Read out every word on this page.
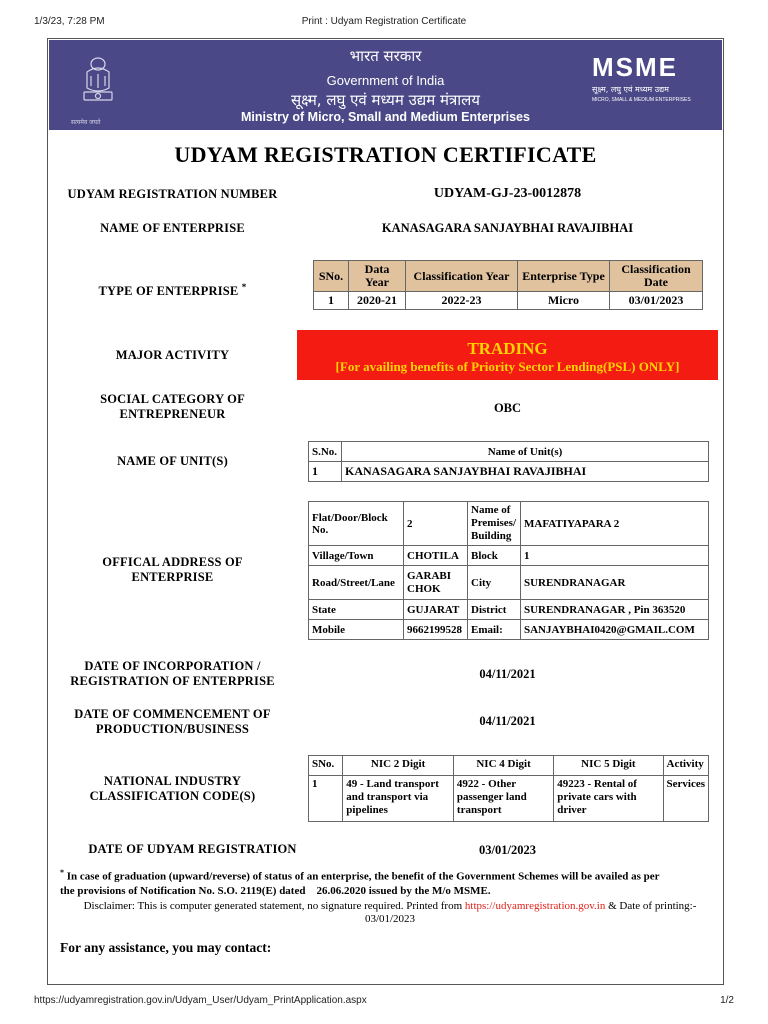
1/3/23, 7:28 PM	Print : Udyam Registration Certificate
सत्यमेव जयते
भारत सरकार
Government of India
सूक्ष्म, लघु एवं मध्यम उद्यम मंत्रालय
Ministry of Micro, Small and Medium Enterprises
MSME
सूक्ष्म, लघु एवं मध्यम उद्यम
MICRO, SMALL & MEDIUM ENTERPRISES
UDYAM REGISTRATION CERTIFICATE
UDYAM REGISTRATION NUMBER	UDYAM-GJ-23-0012878
NAME OF ENTERPRISE	KANASAGARA SANJAYBHAI RAVAJIBHAI
TYPE OF ENTERPRISE *
SNo.	Data Year	Classification Year	Enterprise Type	Classification Date
1	2020-21	2022-23	Micro	03/01/2023
MAJOR ACTIVITY	TRADING
[For availing benefits of Priority Sector Lending(PSL) ONLY]
SOCIAL CATEGORY OF
ENTREPRENEUR	OBC
NAME OF UNIT(S)
S.No.	Name of Unit(s)
1	KANASAGARA SANJAYBHAI RAVAJIBHAI
OFFICAL ADDRESS OF
ENTERPRISE
Flat/Door/Block No.	2	Name of Premises/ Building	MAFATIYAPARA 2
Village/Town	CHOTILA	Block	1
Road/Street/Lane	GARABI CHOK	City	SURENDRANAGAR
State	GUJARAT	District	SURENDRANAGAR , Pin 363520
Mobile	9662199528	Email:	SANJAYBHAI0420@GMAIL.COM
DATE OF INCORPORATION /
REGISTRATION OF ENTERPRISE	04/11/2021
DATE OF COMMENCEMENT OF
PRODUCTION/BUSINESS
04/11/2021
NATIONAL INDUSTRY
CLASSIFICATION CODE(S)
SNo.	NIC 2 Digit	NIC 4 Digit	NIC 5 Digit	Activity
1	49 - Land transport and transport via pipelines	4922 - Other passenger land transport	49223 - Rental of private cars with driver	Services
DATE OF UDYAM REGISTRATION	03/01/2023
* In case of graduation (upward/reverse) of status of an enterprise, the benefit of the Government Schemes will be availed as per
the provisions of Notification No. S.O. 2119(E) dated    26.06.2020 issued by the M/o MSME.
Disclaimer: This is computer generated statement, no signature required. Printed from https://udyamregistration.gov.in & Date of printing:-
03/01/2023
For any assistance, you may contact:
https://udyamregistration.gov.in/Udyam_User/Udyam_PrintApplication.aspx	1/2
